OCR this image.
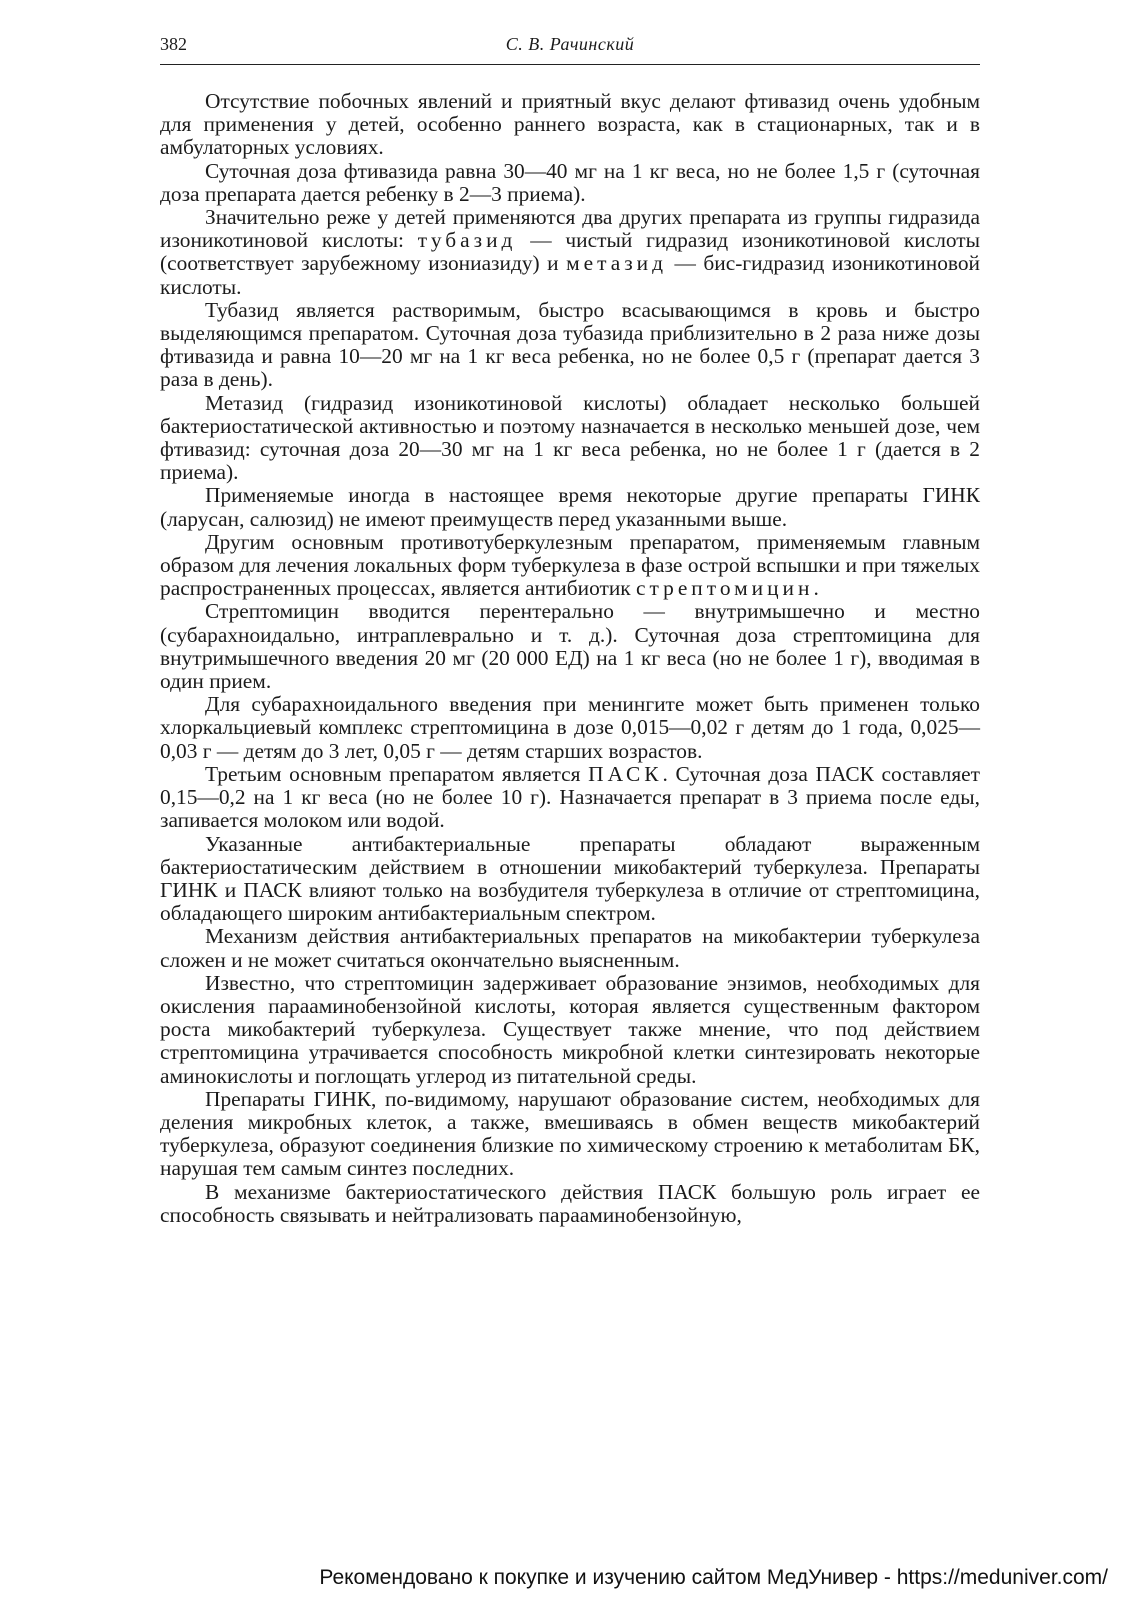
382	С. В. Рачинский

Отсутствие побочных явлений и приятный вкус делают фтивазид очень удобным для применения у детей, особенно раннего возраста, как в стационарных, так и в амбулаторных условиях.

Суточная доза фтивазида равна 30—40 мг на 1 кг веса, но не более 1,5 г (суточная доза препарата дается ребенку в 2—3 приема).

Значительно реже у детей применяются два других препарата из группы гидразида изоникотиновой кислоты: тубазид — чистый гидразид изоникотиновой кислоты (соответствует зарубежному изониазиду) и метазид — бис-гидразид изоникотиновой кислоты.

Тубазид является растворимым, быстро всасывающимся в кровь и быстро выделяющимся препаратом. Суточная доза тубазида приблизительно в 2 раза ниже дозы фтивазида и равна 10—20 мг на 1 кг веса ребенка, но не более 0,5 г (препарат дается 3 раза в день).

Метазид (гидразид изоникотиновой кислоты) обладает несколько большей бактериостатической активностью и поэтому назначается в несколько меньшей дозе, чем фтивазид: суточная доза 20—30 мг на 1 кг веса ребенка, но не более 1 г (дается в 2 приема).

Применяемые иногда в настоящее время некоторые другие препараты ГИНК (ларусан, салюзид) не имеют преимуществ перед указанными выше.

Другим основным противотуберкулезным препаратом, применяемым главным образом для лечения локальных форм туберкулеза в фазе острой вспышки и при тяжелых распространенных процессах, является антибиотик стрептомицин.

Стрептомицин вводится перентерально — внутримышечно и местно (субарахноидально, интраплеврально и т. д.). Суточная доза стрептомицина для внутримышечного введения 20 мг (20 000 ЕД) на 1 кг веса (но не более 1 г), вводимая в один прием.

Для субарахноидального введения при менингите может быть применен только хлоркальциевый комплекс стрептомицина в дозе 0,015—0,02 г детям до 1 года, 0,025—0,03 г — детям до 3 лет, 0,05 г — детям старших возрастов.

Третьим основным препаратом является ПАСК. Суточная доза ПАСК составляет 0,15—0,2 на 1 кг веса (но не более 10 г). Назначается препарат в 3 приема после еды, запивается молоком или водой.

Указанные антибактериальные препараты обладают выраженным бактериостатическим действием в отношении микобактерий туберкулеза. Препараты ГИНК и ПАСК влияют только на возбудителя туберкулеза в отличие от стрептомицина, обладающего широким антибактериальным спектром.

Механизм действия антибактериальных препаратов на микобактерии туберкулеза сложен и не может считаться окончательно выясненным.

Известно, что стрептомицин задерживает образование энзимов, необходимых для окисления парааминобензойной кислоты, которая является существенным фактором роста микобактерий туберкулеза. Существует также мнение, что под действием стрептомицина утрачивается способность микробной клетки синтезировать некоторые аминокислоты и поглощать углерод из питательной среды.

Препараты ГИНК, по-видимому, нарушают образование систем, необходимых для деления микробных клеток, а также, вмешиваясь в обмен веществ микобактерий туберкулеза, образуют соединения близкие по химическому строению к метаболитам БК, нарушая тем самым синтез последних.

В механизме бактериостатического действия ПАСК большую роль играет ее способность связывать и нейтрализовать парааминобензойную,

Рекомендовано к покупке и изучению сайтом МедУнивер - https://meduniver.com/
